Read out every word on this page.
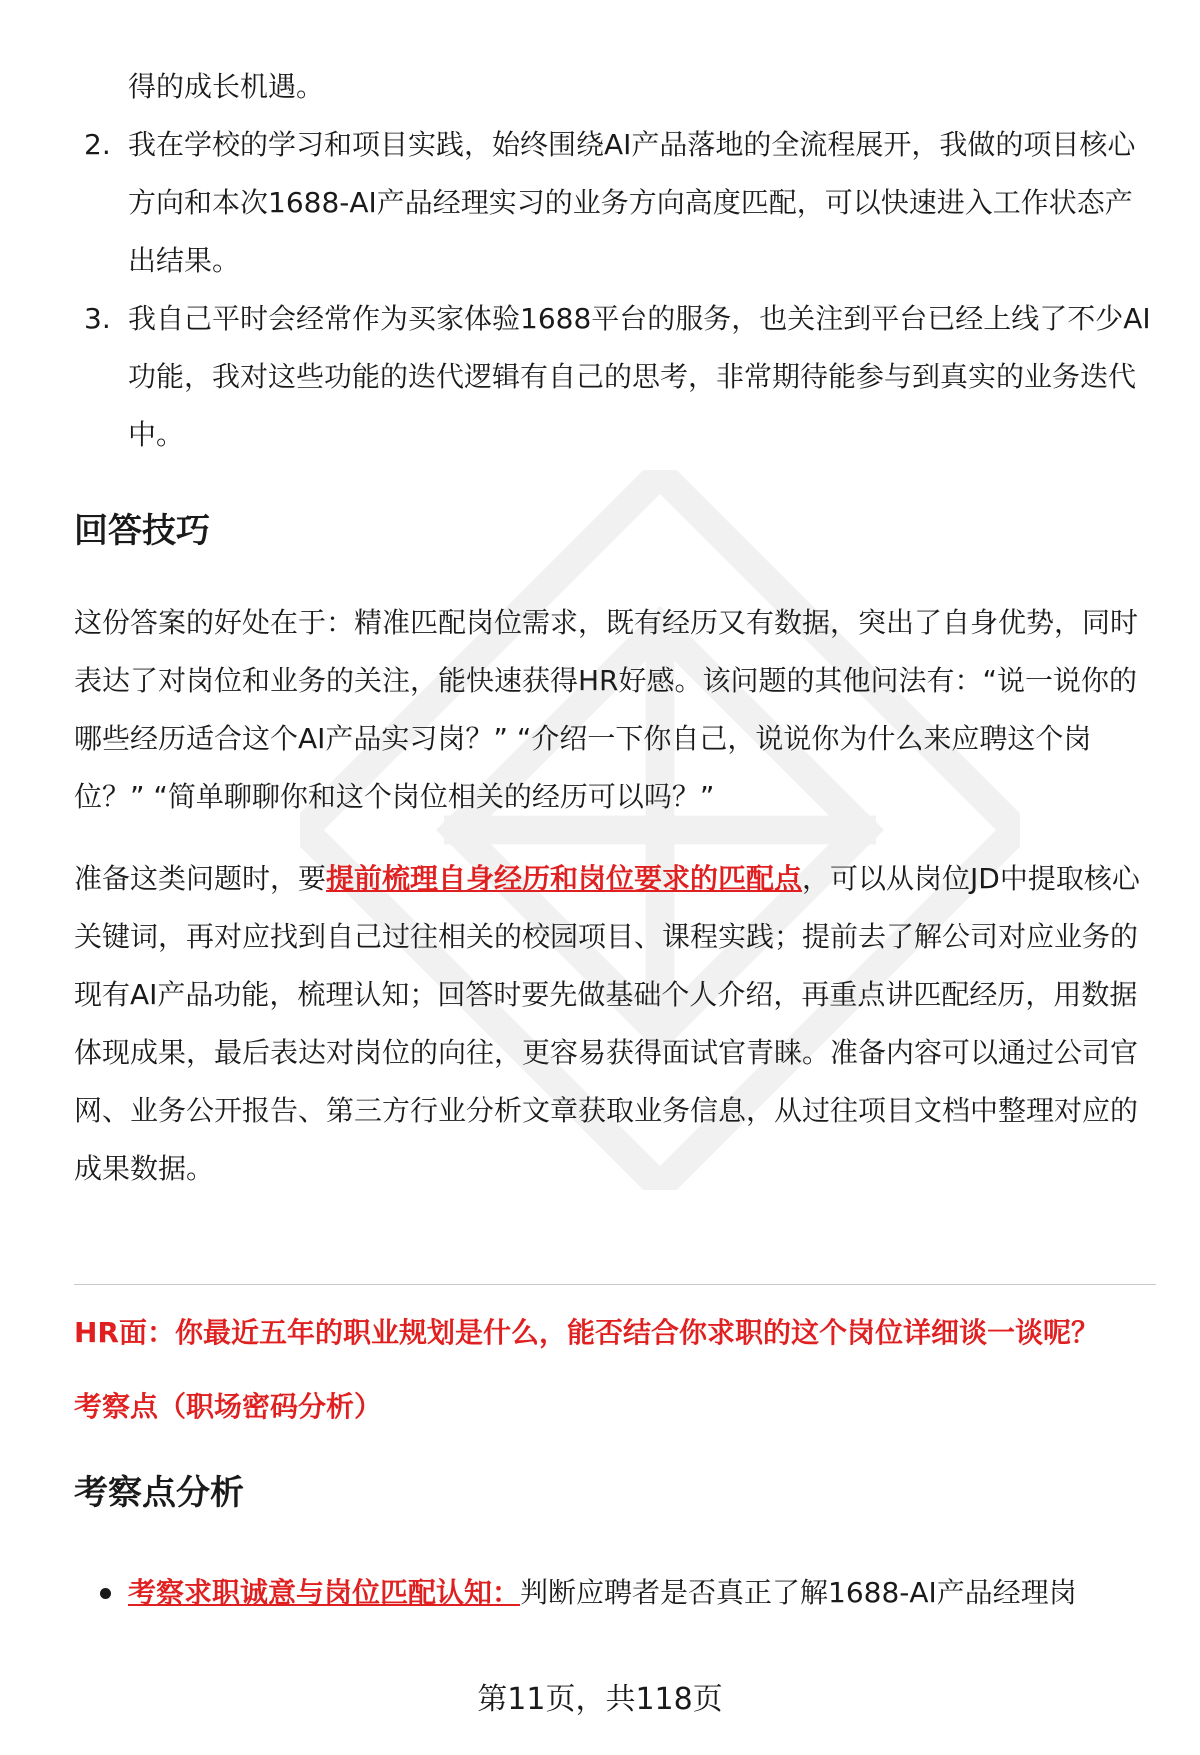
得的成长机遇。

2. 我在学校的学习和项目实践，始终围绕AI产品落地的全流程展开，我做的项目核心方向和本次1688-AI产品经理实习的业务方向高度匹配，可以快速进入工作状态产出结果。
3. 我自己平时会经常作为买家体验1688平台的服务，也关注到平台已经上线了不少AI功能，我对这些功能的迭代逻辑有自己的思考，非常期待能参与到真实的业务迭代中。
回答技巧

这份答案的好处在于：精准匹配岗位需求，既有经历又有数据，突出了自身优势，同时表达了对岗位和业务的关注，能快速获得HR好感。该问题的其他问法有：“说一说你的哪些经历适合这个AI产品实习岗？” “介绍一下你自己，说说你为什么来应聘这个岗位？” “简单聊聊你和这个岗位相关的经历可以吗？”

准备这类问题时，要提前梳理自身经历和岗位要求的匹配点，可以从岗位JD中提取核心关键词，再对应找到自己过往相关的校园项目、课程实践；提前去了解公司对应业务的现有AI产品功能，梳理认知；回答时要先做基础个人介绍，再重点讲匹配经历，用数据体现成果，最后表达对岗位的向往，更容易获得面试官青睐。准备内容可以通过公司官网、业务公开报告、第三方行业分析文章获取业务信息，从过往项目文档中整理对应的成果数据。

HR面：你最近五年的职业规划是什么，能否结合你求职的这个岗位详细谈一谈呢？

考察点（职场密码分析）

考察点分析
考察求职诚意与岗位匹配认知：判断应聘者是否真正了解1688-AI产品经理岗
第11页，共118页
